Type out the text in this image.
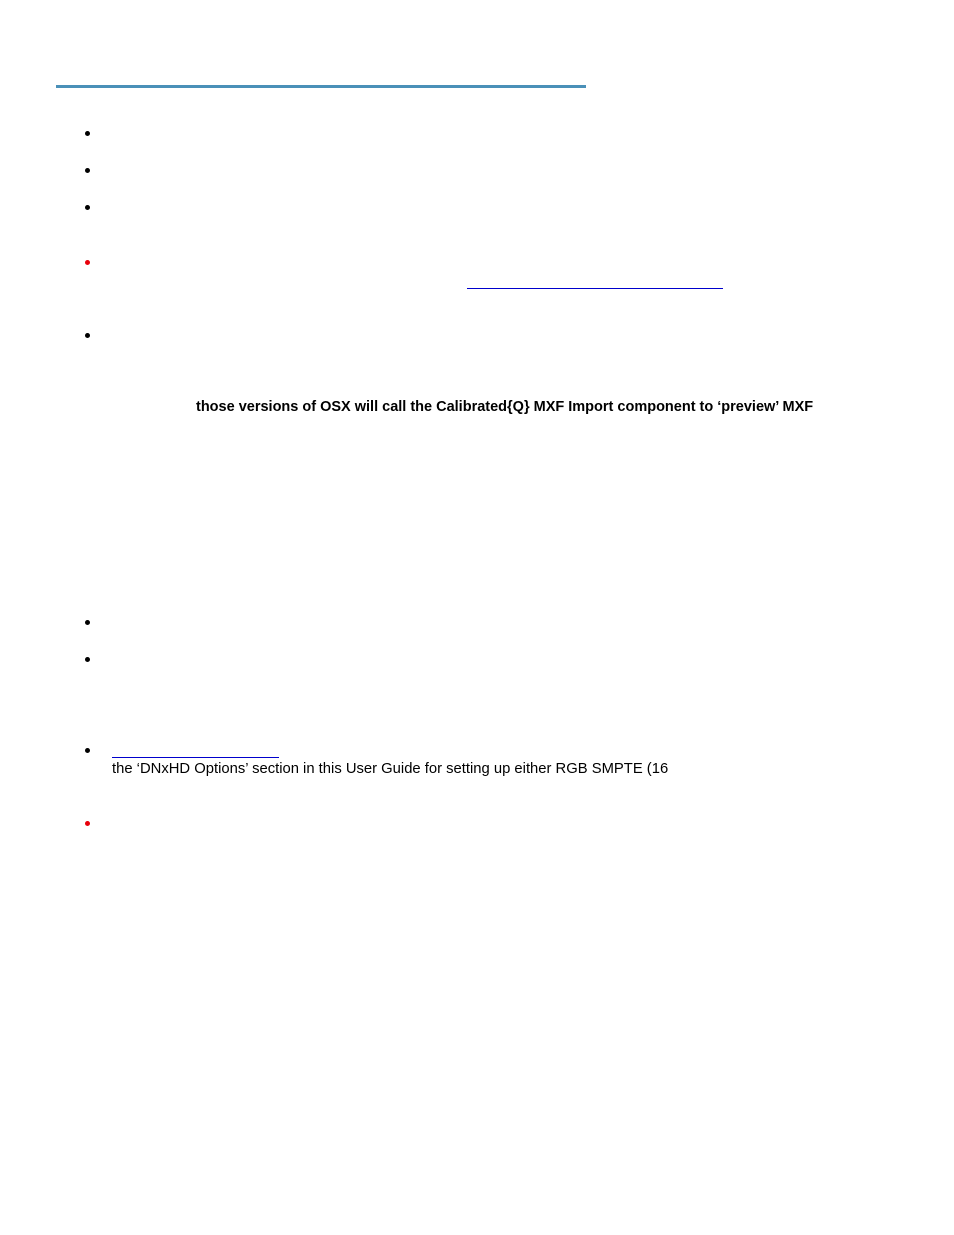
those versions of OSX will call the Calibrated{Q} MXF Import component to ‘preview’ MXF
the ‘DNxHD Options’ section in this User Guide for setting up either RGB SMPTE (16
